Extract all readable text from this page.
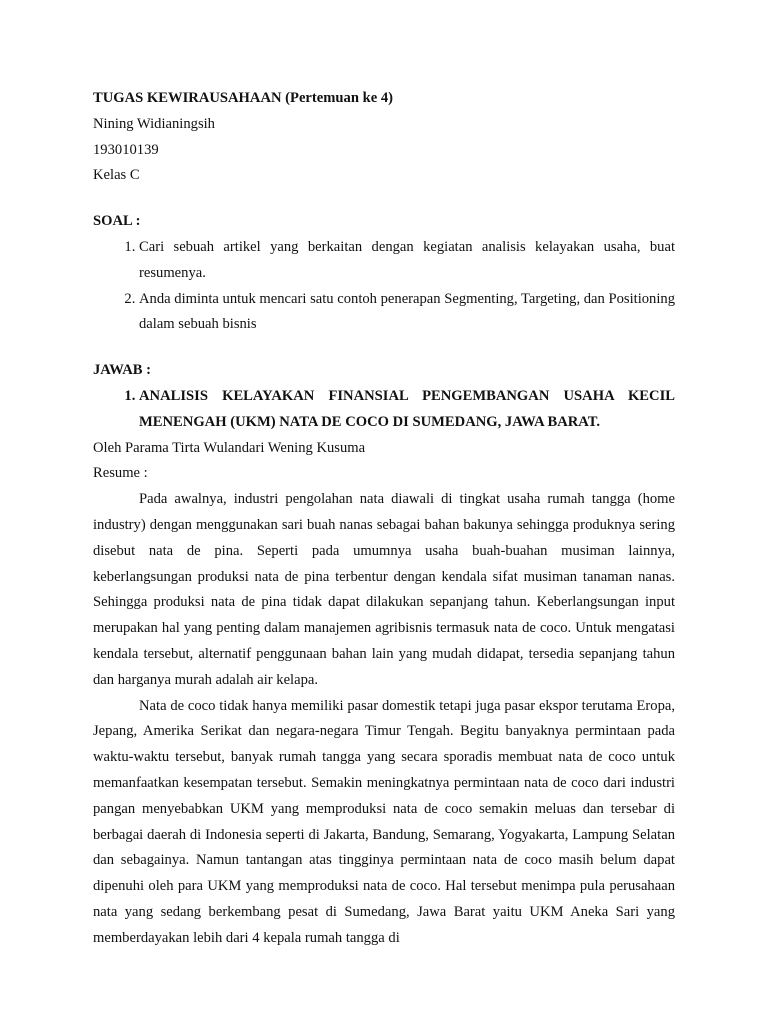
TUGAS KEWIRAUSAHAAN (Pertemuan ke 4)

Nining Widianingsih

193010139

Kelas C

SOAL :

1. Cari sebuah artikel yang berkaitan dengan kegiatan analisis kelayakan usaha, buat resumenya.
2. Anda diminta untuk mencari satu contoh penerapan Segmenting, Targeting, dan Positioning dalam sebuah bisnis

JAWAB :

1. ANALISIS KELAYAKAN FINANSIAL PENGEMBANGAN USAHA KECIL MENENGAH (UKM) NATA DE COCO DI SUMEDANG, JAWA BARAT.

Oleh Parama Tirta Wulandari Wening Kusuma

Resume :

Pada awalnya, industri pengolahan nata diawali di tingkat usaha rumah tangga (home industry) dengan menggunakan sari buah nanas sebagai bahan bakunya sehingga produknya sering disebut nata de pina. Seperti pada umumnya usaha buah-buahan musiman lainnya, keberlangsungan produksi nata de pina terbentur dengan kendala sifat musiman tanaman nanas. Sehingga produksi nata de pina tidak dapat dilakukan sepanjang tahun. Keberlangsungan input merupakan hal yang penting dalam manajemen agribisnis termasuk nata de coco. Untuk mengatasi kendala tersebut, alternatif penggunaan bahan lain yang mudah didapat, tersedia sepanjang tahun dan harganya murah adalah air kelapa.

Nata de coco tidak hanya memiliki pasar domestik tetapi juga pasar ekspor terutama Eropa, Jepang, Amerika Serikat dan negara-negara Timur Tengah. Begitu banyaknya permintaan pada waktu-waktu tersebut, banyak rumah tangga yang secara sporadis membuat nata de coco untuk memanfaatkan kesempatan tersebut. Semakin meningkatnya permintaan nata de coco dari industri pangan menyebabkan UKM yang memproduksi nata de coco semakin meluas dan tersebar di berbagai daerah di Indonesia seperti di Jakarta, Bandung, Semarang, Yogyakarta, Lampung Selatan dan sebagainya. Namun tantangan atas tingginya permintaan nata de coco masih belum dapat dipenuhi oleh para UKM yang memproduksi nata de coco. Hal tersebut menimpa pula perusahaan nata yang sedang berkembang pesat di Sumedang, Jawa Barat yaitu UKM Aneka Sari yang memberdayakan lebih dari 4 kepala rumah tangga di
